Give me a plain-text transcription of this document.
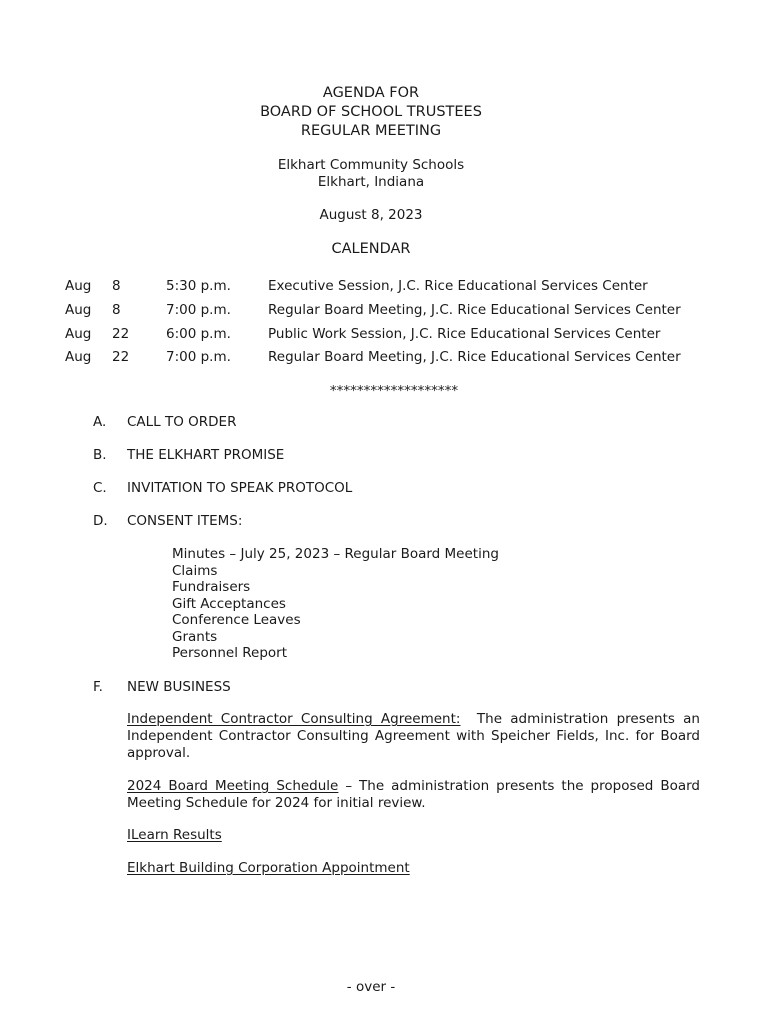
AGENDA FOR
BOARD OF SCHOOL TRUSTEES
REGULAR MEETING
Elkhart Community Schools
Elkhart, Indiana
August 8, 2023
CALENDAR
Aug 8	5:30 p.m.	Executive Session, J.C. Rice Educational Services Center
Aug 8	7:00 p.m.	Regular Board Meeting, J.C. Rice Educational Services Center
Aug 22	6:00 p.m.	Public Work Session, J.C. Rice Educational Services Center
Aug 22	7:00 p.m.	Regular Board Meeting, J.C. Rice Educational Services Center
*******************
A. CALL TO ORDER
B. THE ELKHART PROMISE
C. INVITATION TO SPEAK PROTOCOL
D. CONSENT ITEMS:
Minutes – July 25, 2023 – Regular Board Meeting
Claims
Fundraisers
Gift Acceptances
Conference Leaves
Grants
Personnel Report
F. NEW BUSINESS
Independent Contractor Consulting Agreement:  The administration presents an Independent Contractor Consulting Agreement with Speicher Fields, Inc. for Board approval.
2024 Board Meeting Schedule – The administration presents the proposed Board Meeting Schedule for 2024 for initial review.
ILearn Results
Elkhart Building Corporation Appointment
- over -
